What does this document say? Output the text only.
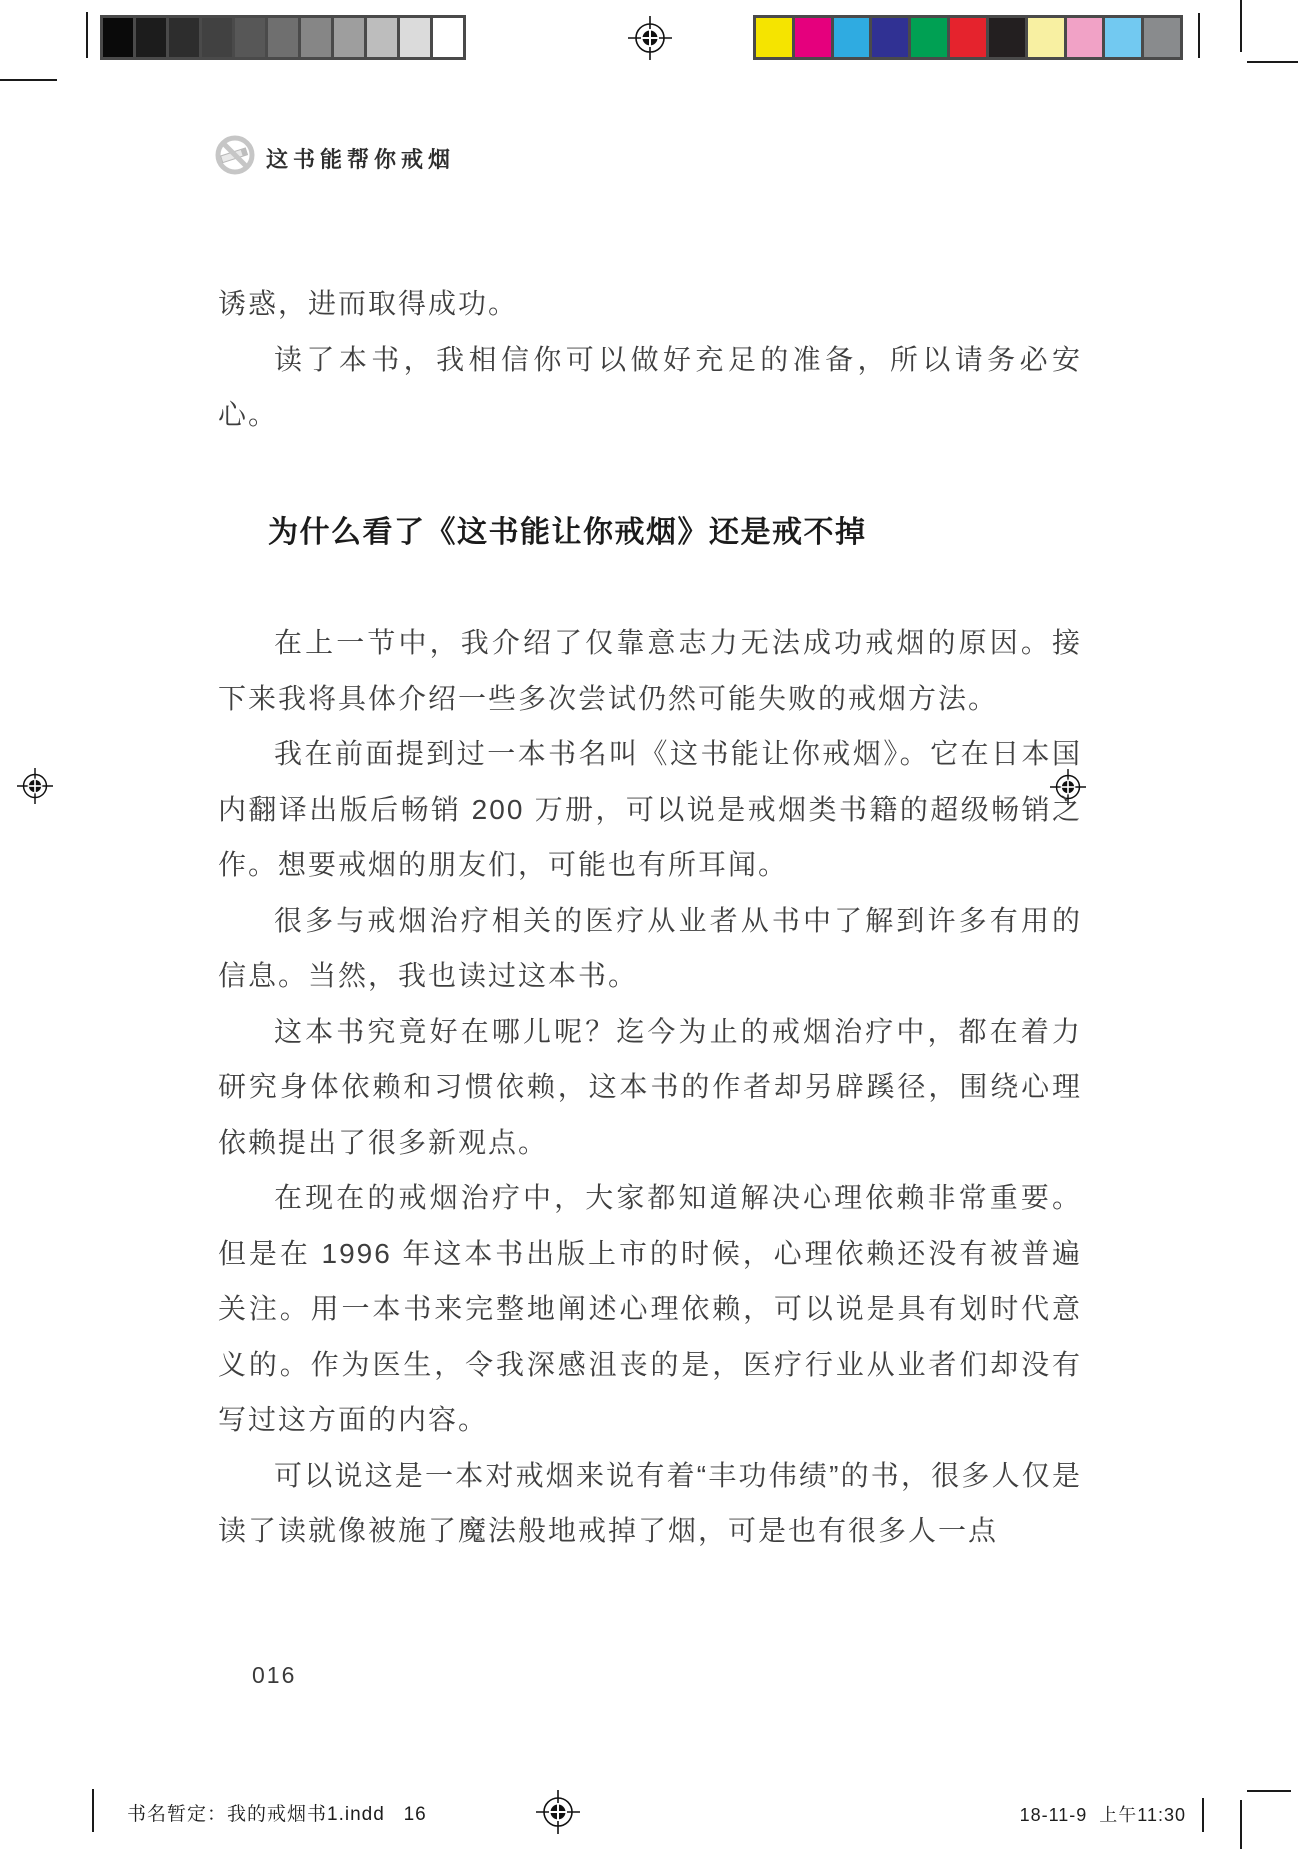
这书能帮你戒烟

诱惑，进而取得成功。

读了本书，我相信你可以做好充足的准备，所以请务必安心。

为什么看了《这书能让你戒烟》还是戒不掉

在上一节中，我介绍了仅靠意志力无法成功戒烟的原因。接下来我将具体介绍一些多次尝试仍然可能失败的戒烟方法。

我在前面提到过一本书名叫《这书能让你戒烟》。它在日本国内翻译出版后畅销 200 万册，可以说是戒烟类书籍的超级畅销之作。想要戒烟的朋友们，可能也有所耳闻。

很多与戒烟治疗相关的医疗从业者从书中了解到许多有用的信息。当然，我也读过这本书。

这本书究竟好在哪儿呢？迄今为止的戒烟治疗中，都在着力研究身体依赖和习惯依赖，这本书的作者却另辟蹊径，围绕心理依赖提出了很多新观点。

在现在的戒烟治疗中，大家都知道解决心理依赖非常重要。但是在 1996 年这本书出版上市的时候，心理依赖还没有被普遍关注。用一本书来完整地阐述心理依赖，可以说是具有划时代意义的。作为医生，令我深感沮丧的是，医疗行业从业者们却没有写过这方面的内容。

可以说这是一本对戒烟来说有着“丰功伟绩”的书，很多人仅是读了读就像被施了魔法般地戒掉了烟，可是也有很多人一点

016
书名暂定：我的戒烟书1.indd   16	18-11-9  上午11:30
